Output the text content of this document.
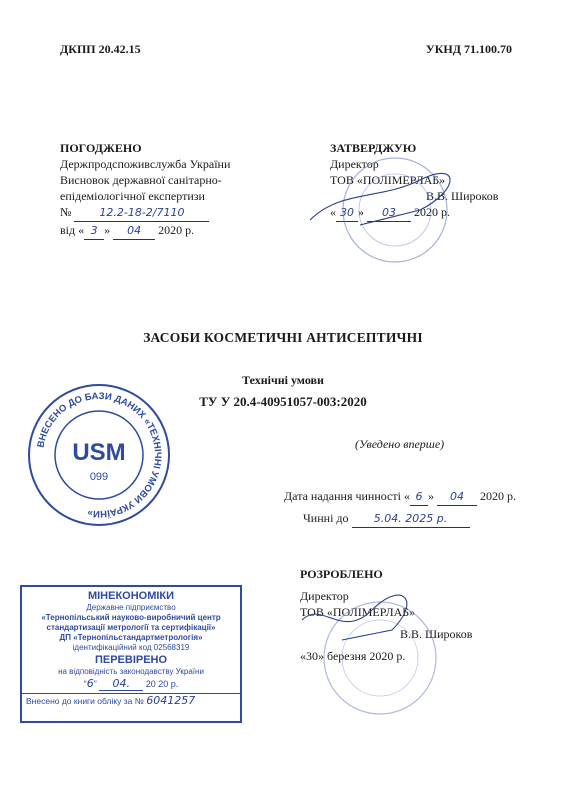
ДКПП 20.42.15	УКНД 71.100.70
ПОГОДЖЕНО
Держпродспоживслужба України
Висновок державної санітарно-
епідеміологічної експертизи
№	12.2-18-2/7110
від « 3 » 04 2020 р.
ЗАТВЕРДЖУЮ
Директор
ТОВ «ПОЛІМЕРЛАБ»
В.В. Широков
« 30 » 03 2020 р.
ЗАСОБИ КОСМЕТИЧНІ АНТИСЕПТИЧНІ
Технічні умови
ТУ У 20.4-40951057-003:2020
(Уведено вперше)
Дата надання чинності « 6 » 04 2020 р.
Чинні до 5.04. 2025 р.
ВНЕСЕНО ДО БАЗИ ДАНИХ «ТЕХНІЧНІ УМОВИ УКРАЇНИ»
USM
099
МІНЕКОНОМІКИ
Державне підприємство
«Тернопільський науково-виробничий центр
стандартизації метрології та сертифікації»
ДП «Тернопільстандартметрологія»
ідентифікаційний код 02568319
ПЕРЕВІРЕНО
на відповідність законодавству України
“6” 04. 20 20 р.
Внесено до книги обліку за № 6041257
РОЗРОБЛЕНО
Директор
ТОВ «ПОЛІМЕРЛАБ»
В.В. Широков
«30» березня 2020 р.
